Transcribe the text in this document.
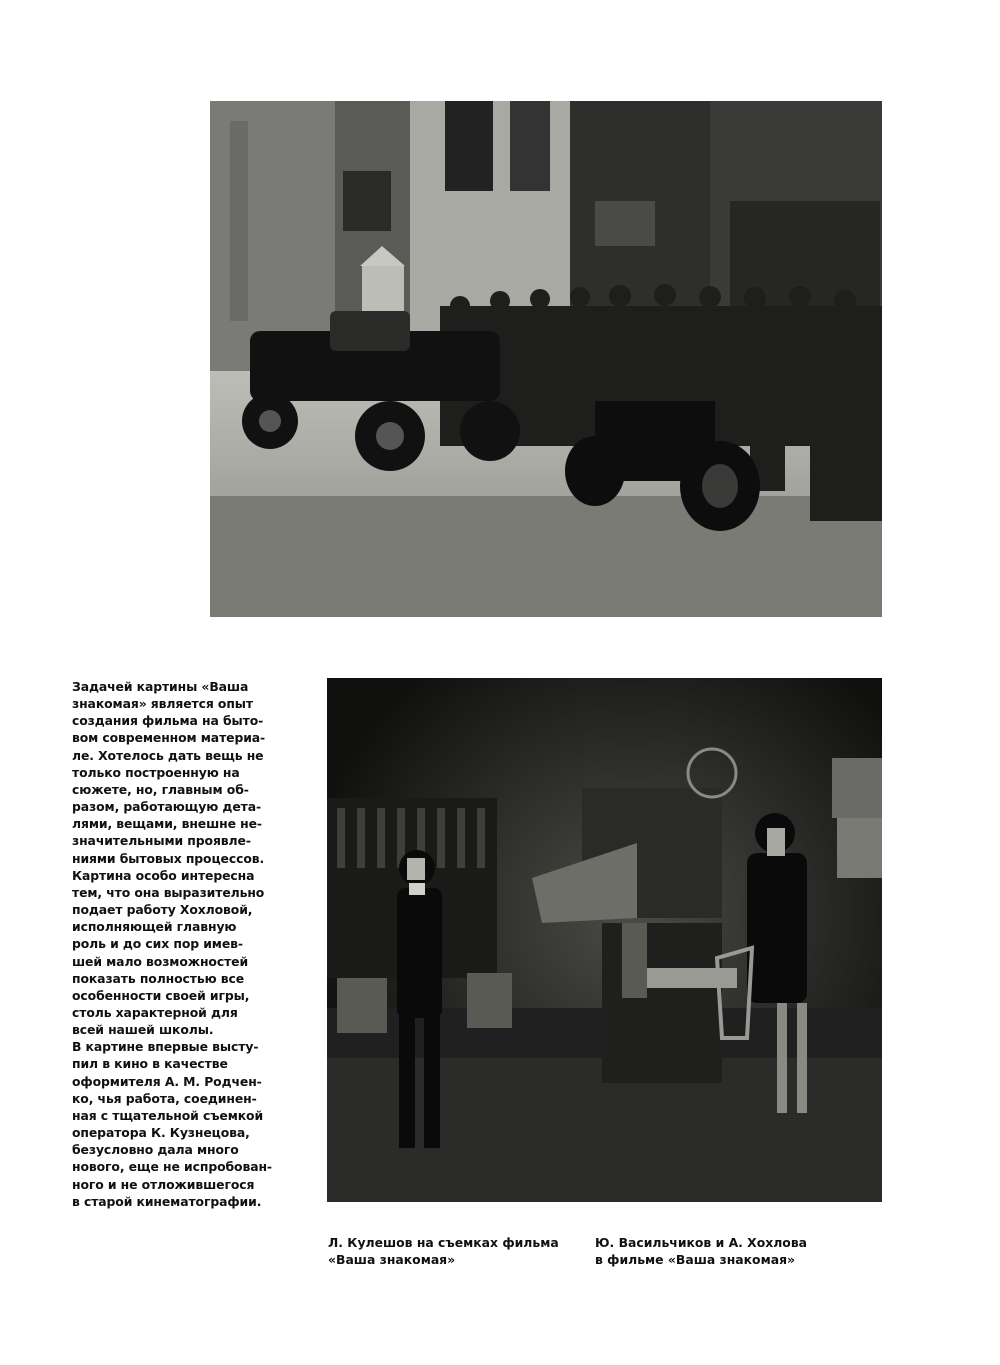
Задачей картины «Ваша
знакомая» является опыт
создания фильма на быто-
вом современном материа-
ле. Хотелось дать вещь не
только построенную на
сюжете, но, главным об-
разом, работающую дета-
лями, вещами, внешне не-
значительными проявле-
ниями бытовых процессов.
Картина особо интересна
тем, что она выразительно
подает работу Хохловой,
исполняющей главную
роль и до сих пор имев-
шей мало возможностей
показать полностью все
особенности своей игры,
столь характерной для
всей нашей школы.
В картине впервые высту-
пил в кино в качестве
оформителя А. М. Родчен-
ко, чья работа, соединен-
ная с тщательной съемкой
оператора К. Кузнецова,
безусловно дала много
нового, еще не испробован-
ного и не отложившегося
в старой кинематографии.
Л. Кулешов на съемках фильма
«Ваша знакомая»
Ю. Васильчиков и А. Хохлова
в фильме «Ваша знакомая»
